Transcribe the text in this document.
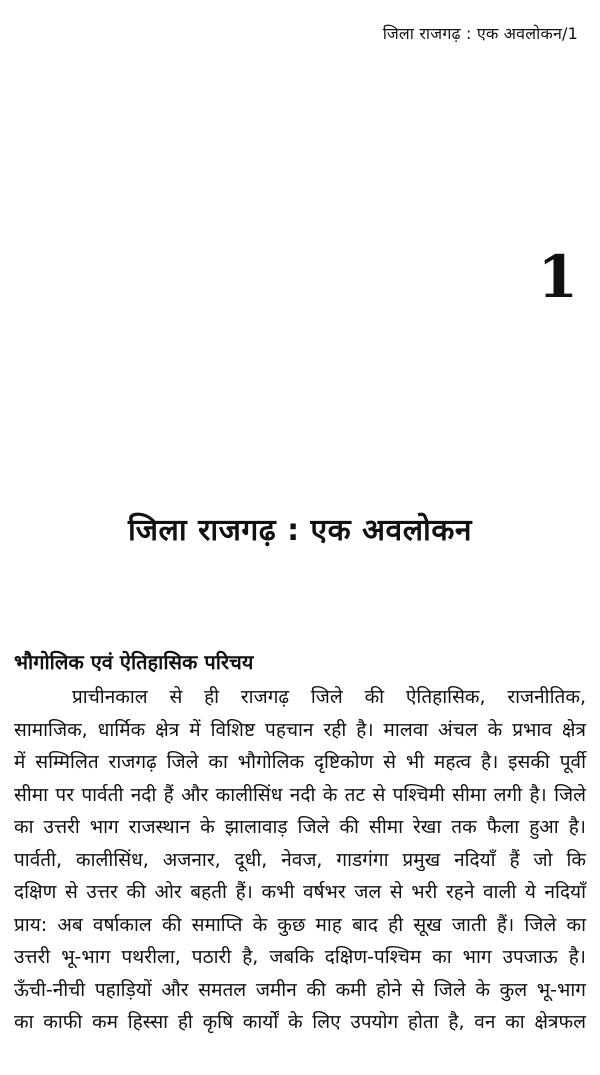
जिला राजगढ़ : एक अवलोकन/1
1
जिला राजगढ़ : एक अवलोकन
भौगोलिक एवं ऐतिहासिक परिचय
प्राचीनकाल से ही राजगढ़ जिले की ऐतिहासिक, राजनीतिक,
सामाजिक, धार्मिक क्षेत्र में विशिष्ट पहचान रही है। मालवा अंचल के प्रभाव क्षेत्र
में सम्मिलित राजगढ़ जिले का भौगोलिक दृष्टिकोण से भी महत्व है। इसकी पूर्वी
सीमा पर पार्वती नदी हैं और कालीसिंध नदी के तट से पश्चिमी सीमा लगी है। जिले
का उत्तरी भाग राजस्थान के झालावाड़ जिले की सीमा रेखा तक फैला हुआ है।
पार्वती, कालीसिंध, अजनार, दूधी, नेवज, गाडगंगा प्रमुख नदियाँ हैं जो कि
दक्षिण से उत्तर की ओर बहती हैं। कभी वर्षभर जल से भरी रहने वाली ये नदियाँ
प्राय: अब वर्षाकाल की समाप्ति के कुछ माह बाद ही सूख जाती हैं। जिले का
उत्तरी भू-भाग पथरीला, पठारी है, जबकि दक्षिण-पश्चिम का भाग उपजाऊ है।
ऊँची-नीची पहाड़ियों और समतल जमीन की कमी होने से जिले के कुल भू-भाग
का काफी कम हिस्सा ही कृषि कार्यों के लिए उपयोग होता है, वन का क्षेत्रफल
